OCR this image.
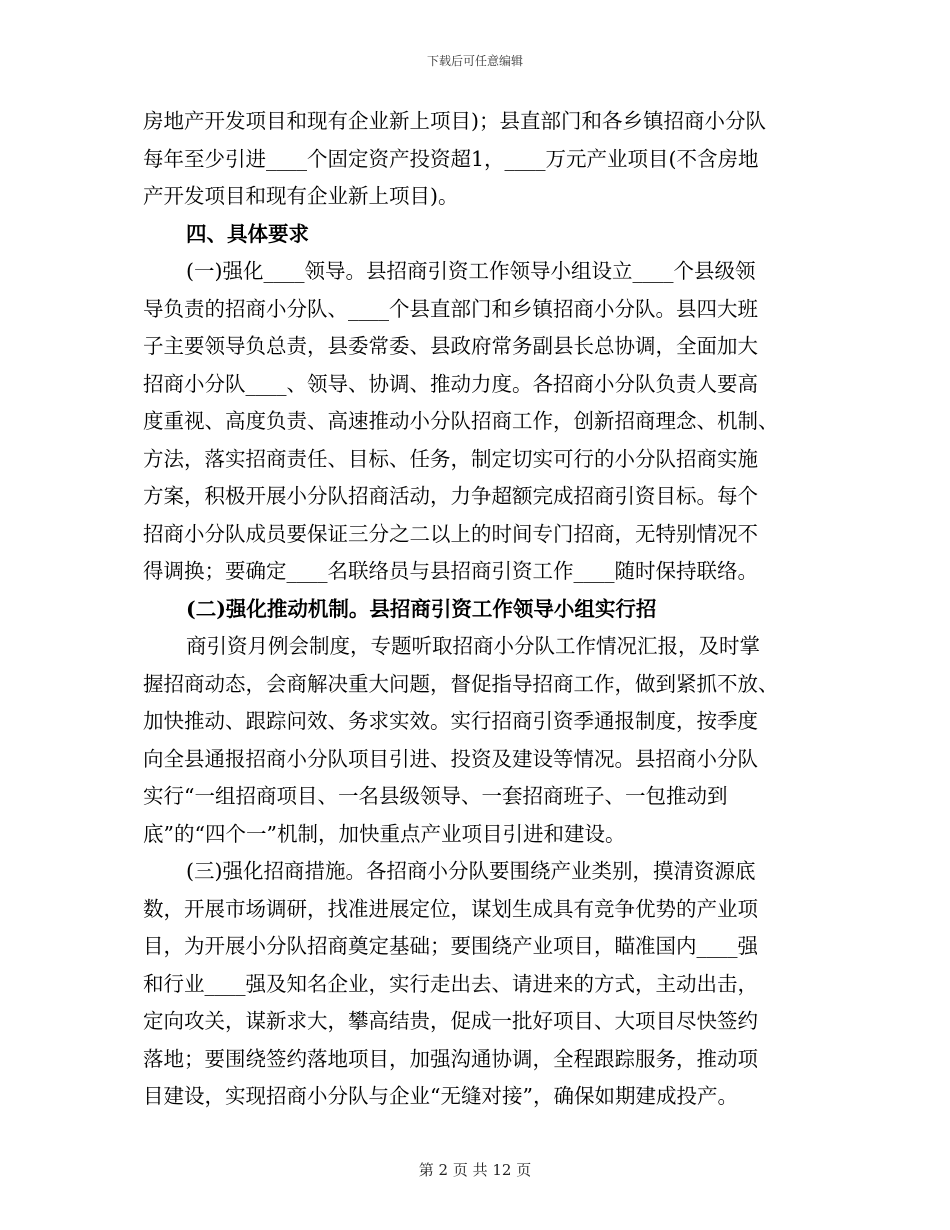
下载后可任意编辑
房地产开发项目和现有企业新上项目)；县直部门和各乡镇招商小分队
每年至少引进____个固定资产投资超1，____万元产业项目(不含房地
产开发项目和现有企业新上项目)。
四、具体要求
(一)强化____领导。县招商引资工作领导小组设立____个县级领
导负责的招商小分队、____个县直部门和乡镇招商小分队。县四大班
子主要领导负总责，县委常委、县政府常务副县长总协调，全面加大
招商小分队____、领导、协调、推动力度。各招商小分队负责人要高
度重视、高度负责、高速推动小分队招商工作，创新招商理念、机制、
方法，落实招商责任、目标、任务，制定切实可行的小分队招商实施
方案，积极开展小分队招商活动，力争超额完成招商引资目标。每个
招商小分队成员要保证三分之二以上的时间专门招商，无特别情况不
得调换；要确定____名联络员与县招商引资工作____随时保持联络。
(二)强化推动机制。县招商引资工作领导小组实行招
商引资月例会制度，专题听取招商小分队工作情况汇报，及时掌
握招商动态，会商解决重大问题，督促指导招商工作，做到紧抓不放、
加快推动、跟踪问效、务求实效。实行招商引资季通报制度，按季度
向全县通报招商小分队项目引进、投资及建设等情况。县招商小分队
实行“一组招商项目、一名县级领导、一套招商班子、一包推动到
底”的“四个一”机制，加快重点产业项目引进和建设。
(三)强化招商措施。各招商小分队要围绕产业类别，摸清资源底
数，开展市场调研，找准进展定位，谋划生成具有竞争优势的产业项
目，为开展小分队招商奠定基础；要围绕产业项目，瞄准国内____强
和行业____强及知名企业，实行走出去、请进来的方式，主动出击，
定向攻关，谋新求大，攀高结贵，促成一批好项目、大项目尽快签约
落地；要围绕签约落地项目，加强沟通协调，全程跟踪服务，推动项
目建设，实现招商小分队与企业“无缝对接”，确保如期建成投产。
第 2 页 共 12 页
